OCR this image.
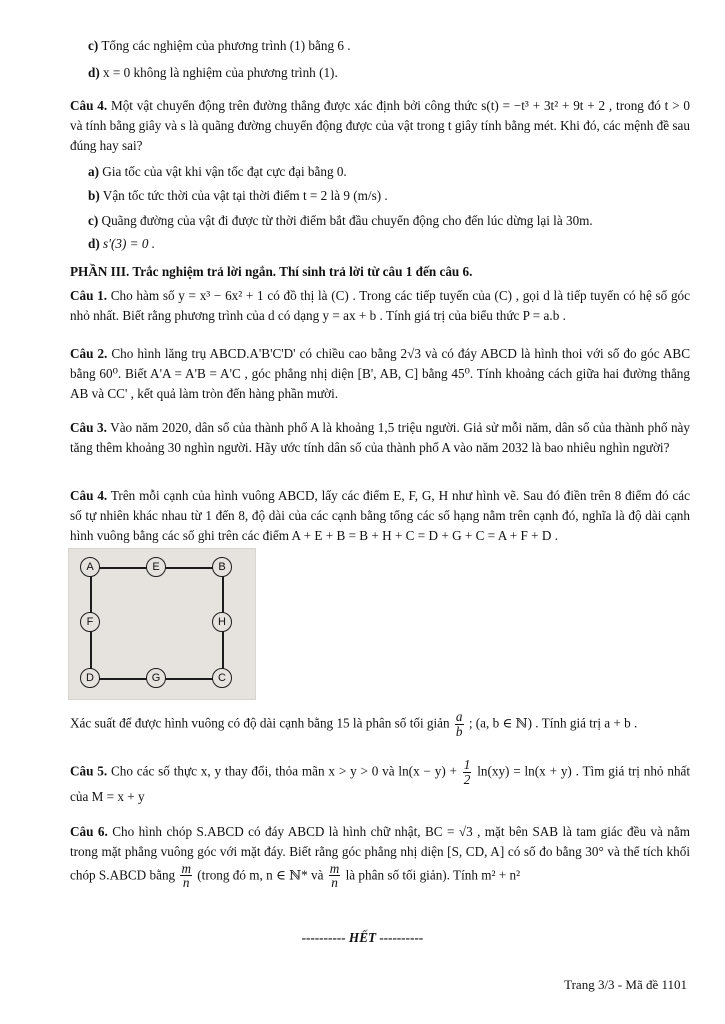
c) Tổng các nghiệm của phương trình (1) bằng 6 .
d) x = 0 không là nghiệm của phương trình (1).
Câu 4. Một vật chuyển động trên đường thẳng được xác định bởi công thức s(t) = −t³ + 3t² + 9t + 2 , trong đó t > 0 và tính bằng giây và s là quãng đường chuyển động được của vật trong t giây tính bằng mét. Khi đó, các mệnh đề sau đúng hay sai?
a) Gia tốc của vật khi vận tốc đạt cực đại bằng 0.
b) Vận tốc tức thời của vật tại thời điểm t = 2 là 9 (m/s) .
c) Quãng đường của vật đi được từ thời điểm bắt đầu chuyển động cho đến lúc dừng lại là 30m.
d) s'(3) = 0 .
PHẦN III. Trắc nghiệm trả lời ngắn. Thí sinh trả lời từ câu 1 đến câu 6.
Câu 1. Cho hàm số y = x³ − 6x² + 1 có đồ thị là (C) . Trong các tiếp tuyến của (C) , gọi d là tiếp tuyến có hệ số góc nhỏ nhất. Biết rằng phương trình của d có dạng y = ax + b . Tính giá trị của biểu thức P = a.b .
Câu 2. Cho hình lăng trụ ABCD.A'B'C'D' có chiều cao bằng 2√3 và có đáy ABCD là hình thoi với số đo góc ABC bằng 60⁰. Biết A'A = A'B = A'C , góc phẳng nhị diện [B', AB, C] bằng 45⁰. Tính khoảng cách giữa hai đường thẳng AB và CC' , kết quả làm tròn đến hàng phần mười.
Câu 3. Vào năm 2020, dân số của thành phố A là khoảng 1,5 triệu người. Giả sử mỗi năm, dân số của thành phố này tăng thêm khoảng 30 nghìn người. Hãy ước tính dân số của thành phố A vào năm 2032 là bao nhiêu nghìn người?
Câu 4. Trên mỗi cạnh của hình vuông ABCD, lấy các điểm E, F, G, H như hình vẽ. Sau đó điền trên 8 điểm đó các số tự nhiên khác nhau từ 1 đến 8, độ dài của các cạnh bằng tổng các số hạng nằm trên cạnh đó, nghĩa là độ dài cạnh hình vuông bằng các số ghi trên các điểm A + E + B = B + H + C = D + G + C = A + F + D .
A	E	B
F	H
D	G	C
Xác suất để được hình vuông có độ dài cạnh bằng 15 là phân số tối giản $\frac{a}{b}$ ; (a, b ∈ ℕ) . Tính giá trị a + b .
Câu 5. Cho các số thực x, y thay đổi, thỏa mãn x > y > 0 và $\ln(x - y) + \frac{1}{2} \ln(xy) = \ln(x + y)$ . Tìm giá trị nhỏ nhất của M = x + y
Câu 6. Cho hình chóp S.ABCD có đáy ABCD là hình chữ nhật, BC = √3 , mặt bên SAB là tam giác đều và nằm trong mặt phẳng vuông góc với mặt đáy. Biết rằng góc phẳng nhị diện [S, CD, A] có số đo bằng 30° và thể tích khối chóp S.ABCD bằng $\frac{m}{n}$ (trong đó m, n ∈ ℕ* và $\frac{m}{n}$ là phân số tối giản). Tính m² + n²
---------- HẾT ----------
Trang 3/3 - Mã đề 1101
